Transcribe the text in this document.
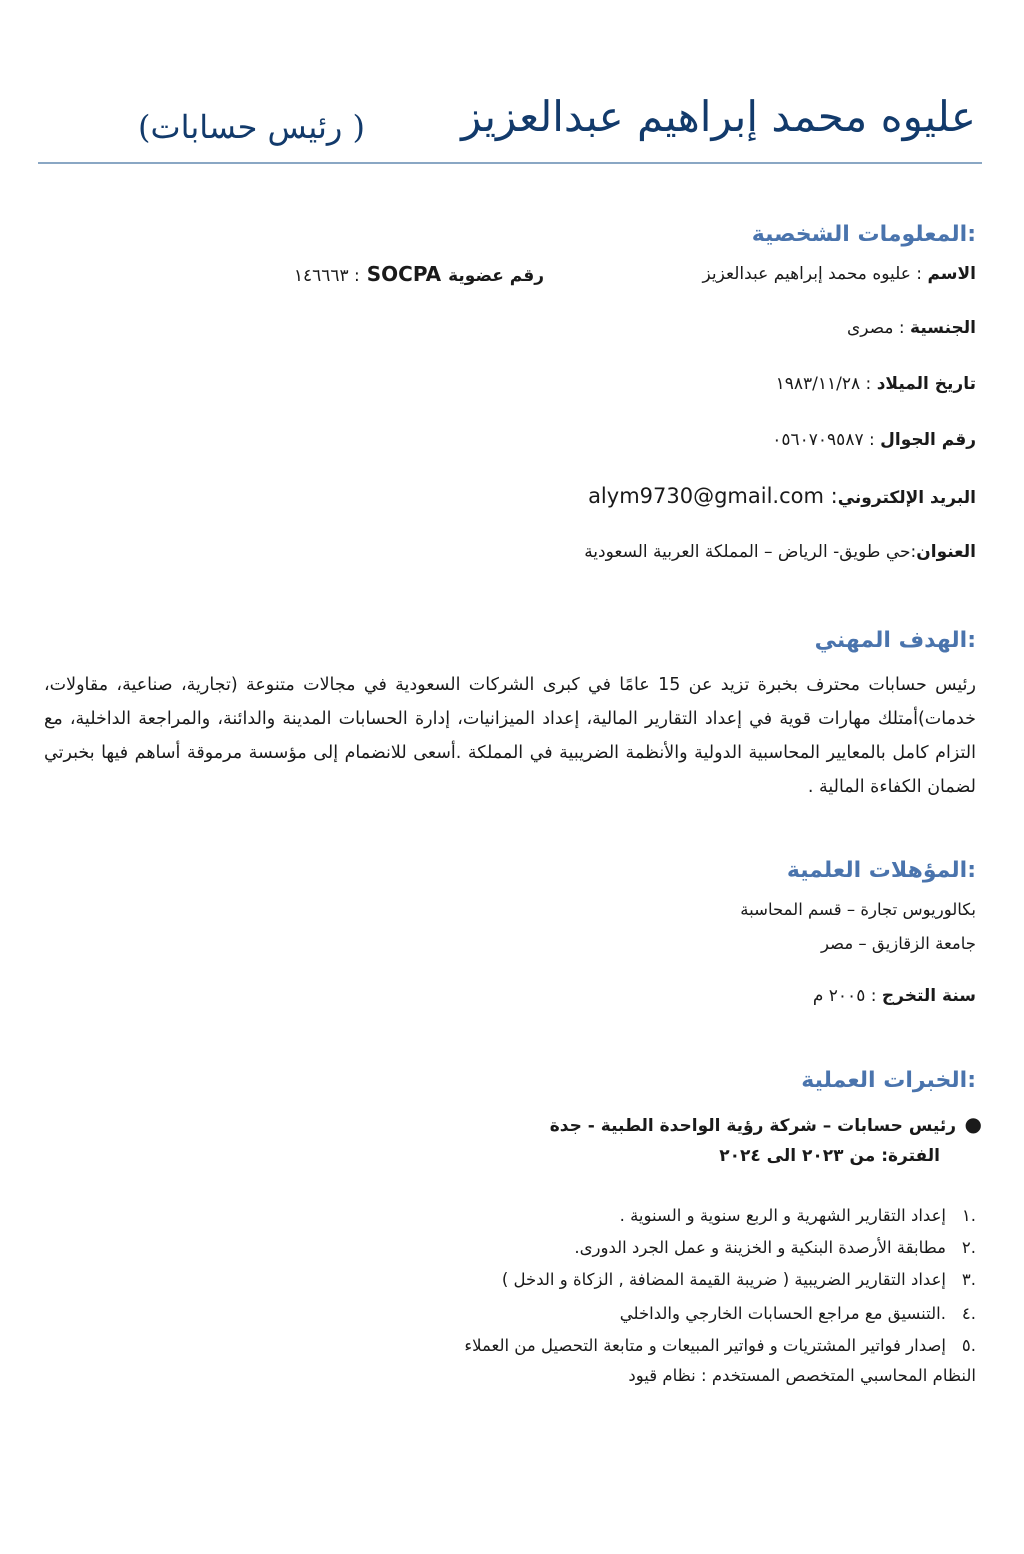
عليوه محمد إبراهيم عبدالعزيز
( رئيس حسابات)
:المعلومات الشخصية
الاسم : عليوه محمد إبراهيم عبدالعزيز
رقم عضوية SOCPA : ١٤٦٦٦٣
الجنسية : مصرى
تاريخ الميلاد : ١٩٨٣/١١/٢٨
رقم الجوال : ٠٥٦٠٧٠٩٥٨٧
البريد الإلكتروني: alym9730@gmail.com
العنوان:حي طويق- الرياض – المملكة العربية السعودية
:الهدف المهني
رئيس حسابات محترف بخبرة تزيد عن 15 عامًا في كبرى الشركات السعودية في مجالات متنوعة (تجارية، صناعية، مقاولات، خدمات)أمتلك مهارات قوية في إعداد التقارير المالية، إعداد الميزانيات، إدارة الحسابات المدينة والدائنة، والمراجعة الداخلية، مع التزام كامل بالمعايير المحاسبية الدولية والأنظمة الضريبية في المملكة .أسعى للانضمام إلى مؤسسة مرموقة أساهم فيها بخبرتي لضمان الكفاءة المالية .
:المؤهلات العلمية
بكالوريوس تجارة – قسم المحاسبة
جامعة الزقازيق – مصر
سنة التخرج : ٢٠٠٥ م
:الخبرات العملية
●رئيس حسابات – شركة رؤية الواحدة الطبية - جدة
الفترة: من ٢٠٢٣ الى ٢٠٢٤
.١إعداد التقارير الشهرية و الربع سنوية و السنوية .
.٢مطابقة الأرصدة البنكية و الخزينة و عمل الجرد الدورى.
.٣إعداد التقارير الضريبية ( ضريبة القيمة المضافة , الزكاة و الدخل )
.٤.التنسيق مع مراجع الحسابات الخارجي والداخلي
.٥إصدار فواتير المشتريات و فواتير المبيعات و متابعة التحصيل من العملاء
النظام المحاسبي المتخصص المستخدم : نظام قيود
